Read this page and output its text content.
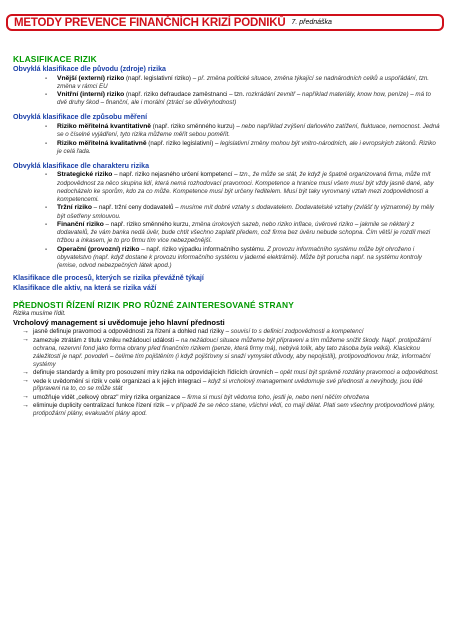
METODY PREVENCE FINANČNÍCH KRIZÍ PODNIKŮ 7. přednáška
KLASIFIKACE RIZIK
Obvyklá klasifikace dle původu (zdroje) rizika
- Vnější (externí) riziko (např. legislativní riziko) – př. změna politické situace, změna týkající se nadnárodních celků a uspořádání, tzn. změna v rámci EU
- Vnitřní (interní) riziko (např. riziko defraudace zaměstnanci – tzn. rozkrádání zevnitř – například materiály, know how, peníze) – má to dvě druhy škod – finanční, ale i morální (ztrácí se důvěryhodnost)
Obvyklá klasifikace dle způsobu měření
- Riziko měřitelná kvantitativně (např. riziko směnného kurzu) – nebo například zvýšení daňového zatížení, fluktuace, nemocnost. Jedná se o číselné vyjádření, tyto rizika můžeme měřit sebou poměřit.
- Riziko měřitelná kvalitativně (např. riziko legislativní) – legislativní změny mohou být vnitro-národních, ale i evropských zákonů. Riziko je celá řada.
Obvyklá klasifikace dle charakteru rizika
- Strategické riziko – např. riziko nejasného určení kompetencí – tzn., že může se stát, že když je špatně organizovaná firma, může mít zodpovědnost za něco skupina lidí, která nemá rozhodovací pravomoci. Kompetence a hranice musí všem musí být vždy jasně dané, aby nedocházelo ke sporům, kdo za co může. Kompetence musí být určeny ředitelem. Musí být taky vyrovnaný vztah mezi zodpovědností a kompetencemi.
- Tržní riziko – např. tržní ceny dodavatelů – musíme mít dobré vztahy s dodavatelem. Dodavatelské vztahy (zvlášť ty významné) by měly být ošetřeny smlouvou.
- Finanční riziko – např. riziko směnného kurzu, změna úrokových sazeb, nebo riziko inflace, úvěrové riziko – jakmile se některý z dodavatelů, že vám banka nedá úvěr, bude chtít všechno zaplatit předem, což firma bez úvěru nebude schopna. Čím větší je rozdíl mezi tržbou a inkasem, je to pro firmu tím více nebezpečnější.
- Operační (provozní) riziko – např. riziko výpadku informačního systému. Z provozu informačního systému může být ohroženo i obyvatelstvo (např. když dostane k provozu informačního systému v jaderné elektrárně). Může být porucha např. na systému kontroly (emise, odvod nebezpečných látek apod.)
Klasifikace dle procesů, kterých se rizika převážně týkají
Klasifikace dle aktiv, na která se rizika váží
PŘEDNOSTI ŘÍZENÍ RIZIK PRO RŮZNÉ ZAINTERESOVANÉ STRANY
Rizika musíme řídit.
Vrcholový management si uvědomuje jeho hlavní přednosti
→ jasně definuje pravomoci a odpovědnosti za řízení a dohled nad riziky – souvisí to s definicí zodpovědnosti a kompetencí
→ zamezuje ztrátám z titulu vzniku nežádoucí události – na nežádoucí situace můžeme být připraveni a tím můžeme snížit škody. Např. protipožární ochrana, rezervní fond jako forma obrany před finančním rizikem (penze, která firmy má), nebývá tolik, aby tato zásoba byla velká). Klasickou záležitostí je např. povodeň – čelíme tím pojištěním (i když pojišťovny si snaží vymyslet důvody, aby nepojistili), protipovodňovou hráz, informační systémy
→ definuje standardy a limity pro posouzení míry rizika na odpovídajících řídících úrovních – opět musí být správně rozdány pravomoci a odpovědnost.
→ vede k uvědomění si rizik v celé organizaci a k jejich integraci – když si vrcholový management uvědomuje své předností a nevýhody, jsou lidé připraveni na to, co se může stát
→ umožňuje vidět „celkový obraz" míry rizika organizace – firma si musí být vědoma toho, jestli je, nebo není něčím ohrožena
→ eliminuje duplicity centralizací funkce řízení rizik – v případě že se něco stane, všichni vědí, co mají dělat. Plati sem všechny protipovodňové plány, protipožární plány, evakuační plány apod.
